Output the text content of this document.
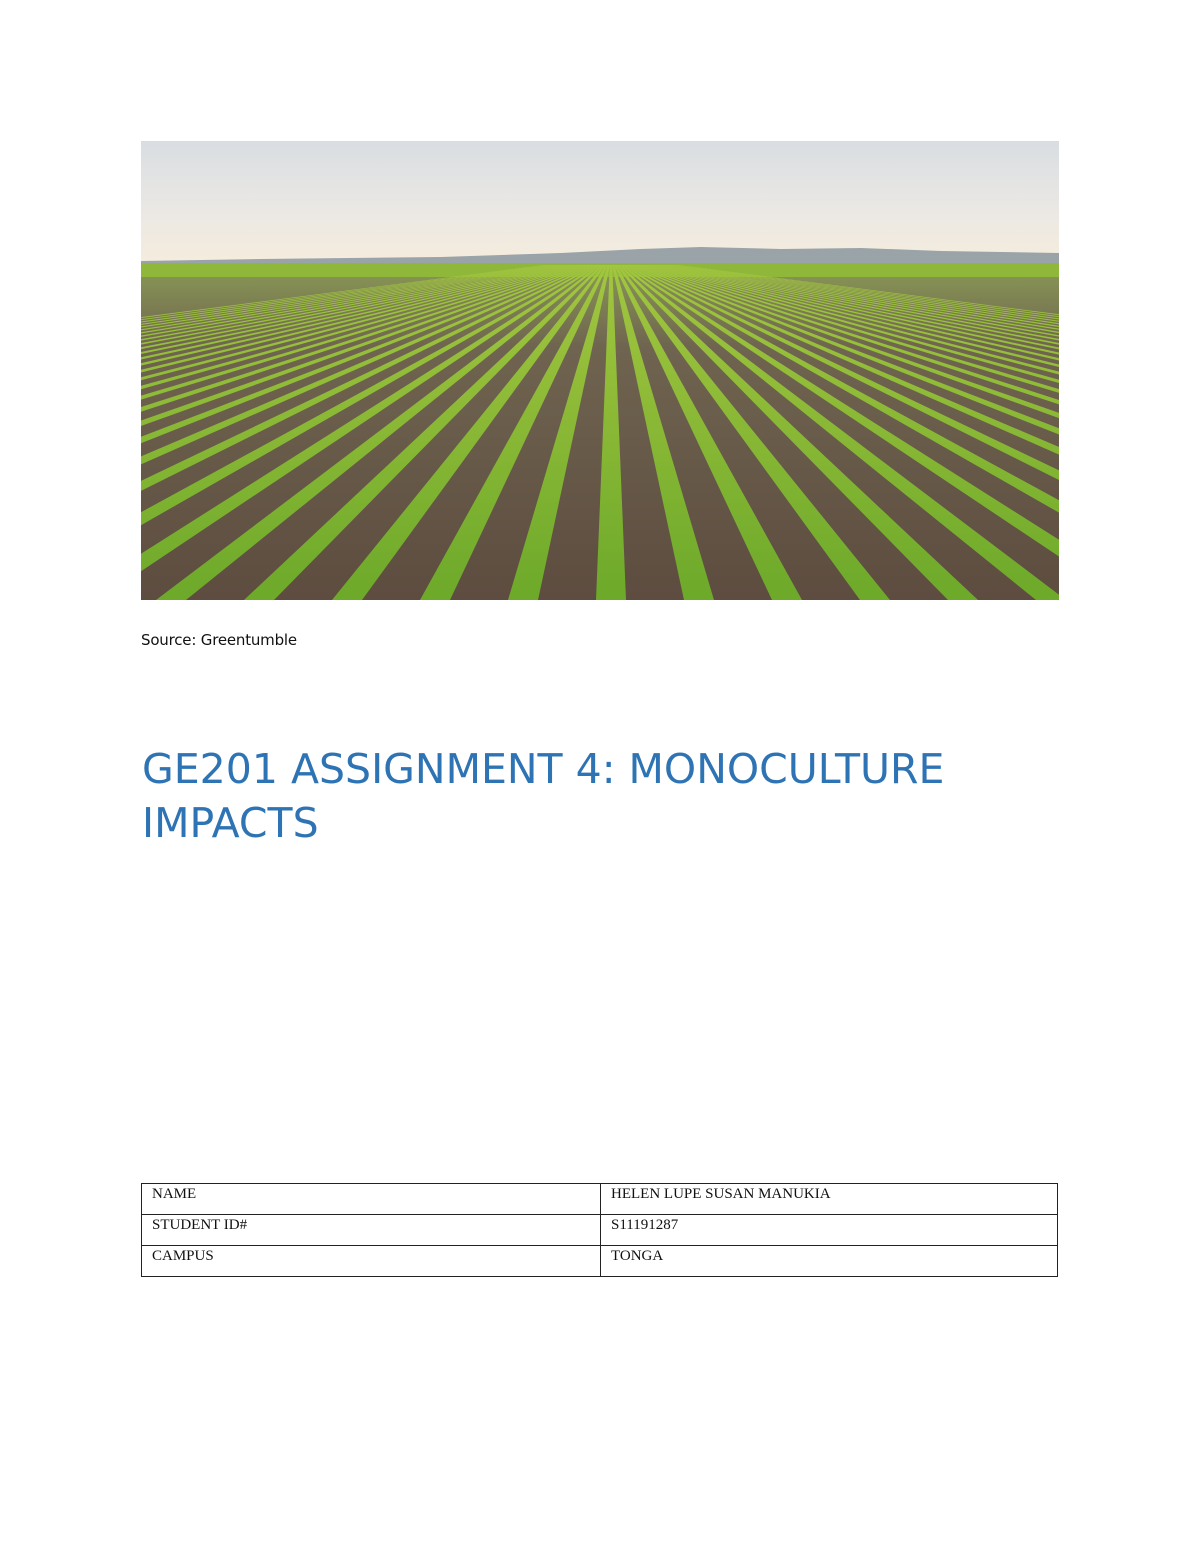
Source: Greentumble
GE201 ASSIGNMENT 4: MONOCULTURE
IMPACTS
NAME	HELEN LUPE SUSAN MANUKIA
STUDENT ID#	S11191287
CAMPUS	TONGA
